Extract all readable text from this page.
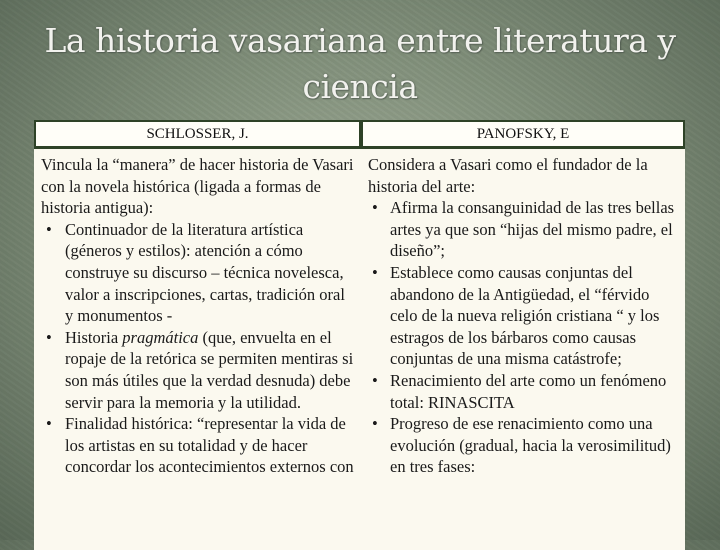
La historia vasariana entre literatura y
ciencia
SCHLOSSER, J.	PANOFSKY, E

Vincula la “manera” de hacer historia de Vasari con la novela histórica (ligada a formas de historia antigua):

• Continuador de la literatura artística (géneros y estilos): atención a cómo construye su discurso – técnica novelesca, valor a inscripciones, cartas, tradición oral y monumentos -
• Historia pragmática (que, envuelta en el ropaje de la retórica se permiten mentiras si son más útiles que la verdad desnuda) debe servir para la memoria y la utilidad.
• Finalidad histórica: “representar la vida de los artistas en su totalidad y de hacer concordar los acontecimientos externos con

Considera a Vasari como el fundador de la historia del arte:

• Afirma la consanguinidad de las tres bellas artes ya que son “hijas del mismo padre, el diseño”;
• Establece como causas conjuntas del abandono de la Antigüedad, el “férvido celo de la nueva religión cristiana “ y los estragos de los bárbaros como causas conjuntas de una misma catástrofe;
• Renacimiento del arte como un fenómeno total: RINASCITA
• Progreso de ese renacimiento como una evolución (gradual, hacia la verosimilitud) en tres fases:
